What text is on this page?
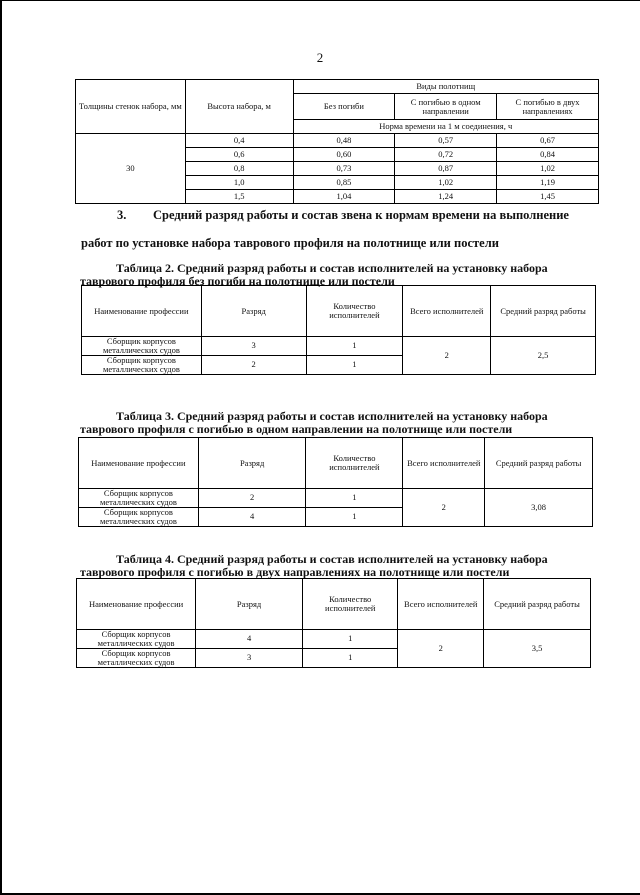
2
Толщины стенок набора, мм	Высота набора, м	Виды полотнищ		
		Без погиби	С погибью в одном направлении	С погибью в двух направлениях
		Норма времени на 1 м соединения, ч		
30	0,4	0,48	0,57	0,67
	0,6	0,60	0,72	0,84
	0,8	0,73	0,87	1,02
	1,0	0,85	1,02	1,19
	1,5	1,04	1,24	1,45
3. Средний разряд работы и состав звена к нормам времени на выполнение
работ по установке набора таврового профиля на полотнище или постели
Таблица 2. Средний разряд работы и состав исполнителей на установку набора
таврового профиля без погиби на полотнище или постели
Наименование профессии	Разряд	Количество исполнителей	Всего исполнителей	Средний разряд работы
Сборщик корпусов металлических судов	3	1	2	2,5
Сборщик корпусов металлических судов	2	1		
Таблица 3. Средний разряд работы и состав исполнителей на установку набора
таврового профиля с погибью в одном направлении на полотнище или постели
Наименование профессии	Разряд	Количество исполнителей	Всего исполнителей	Средний разряд работы
Сборщик корпусов металлических судов	2	1	2	3,08
Сборщик корпусов металлических судов	4	1		
Таблица 4. Средний разряд работы и состав исполнителей на установку набора
таврового профиля с погибью в двух направлениях на полотнище или постели
Наименование профессии	Разряд	Количество исполнителей	Всего исполнителей	Средний разряд работы
Сборщик корпусов металлических судов	4	1	2	3,5
Сборщик корпусов металлических судов	3	1		
